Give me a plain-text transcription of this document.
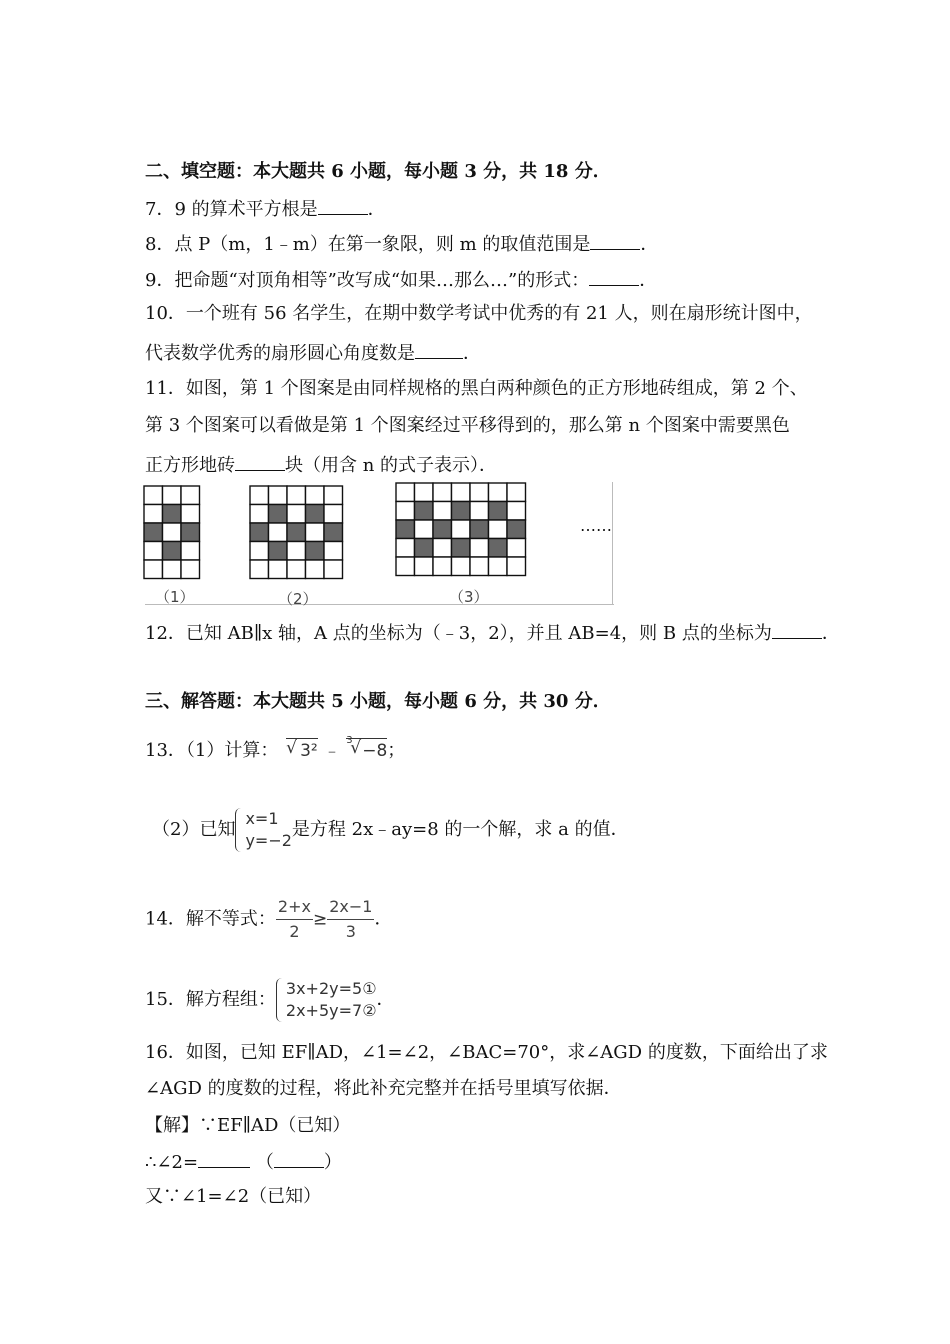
二、填空题：本大题共 6 小题，每小题 3 分，共 18 分．
7．9 的算术平方根是	．
8．点 P（m，1﹣m）在第一象限，则 m 的取值范围是	．
9．把命题“对顶角相等”改写成“如果…那么…”的形式：	．
10．一个班有 56 名学生，在期中数学考试中优秀的有 21 人，则在扇形统计图中，
代表数学优秀的扇形圆心角度数是	．
11．如图，第 1 个图案是由同样规格的黑白两种颜色的正方形地砖组成，第 2 个、
第 3 个图案可以看做是第 1 个图案经过平移得到的，那么第 n 个图案中需要黑色
正方形地砖	块（用含 n 的式子表示）．
（1）	（2）	（3）
……
12．已知 AB∥x 轴，A 点的坐标为（﹣3，2），并且 AB=4，则 B 点的坐标为	．
三、解答题：本大题共 5 小题，每小题 6 分，共 30 分．
13．（1）计算： √ 3² ﹣
3
√ −8；
（2）已知
x=1
y=−2
是方程 2x﹣ay=8 的一个解，求 a 的值．
14．解不等式： $\frac{2+x}{2} \ge \frac{2x-1}{3}$ ．
15．解方程组：
3x+2y=5①
2x+5y=7②
．
16．如图，已知 EF∥AD，∠1=∠2，∠BAC=70°，求∠AGD 的度数，下面给出了求
∠AGD 的度数的过程，将此补充完整并在括号里填写依据．
【解】∵EF∥AD（已知）
∴∠2=	（	）
又∵∠1=∠2（已知）
